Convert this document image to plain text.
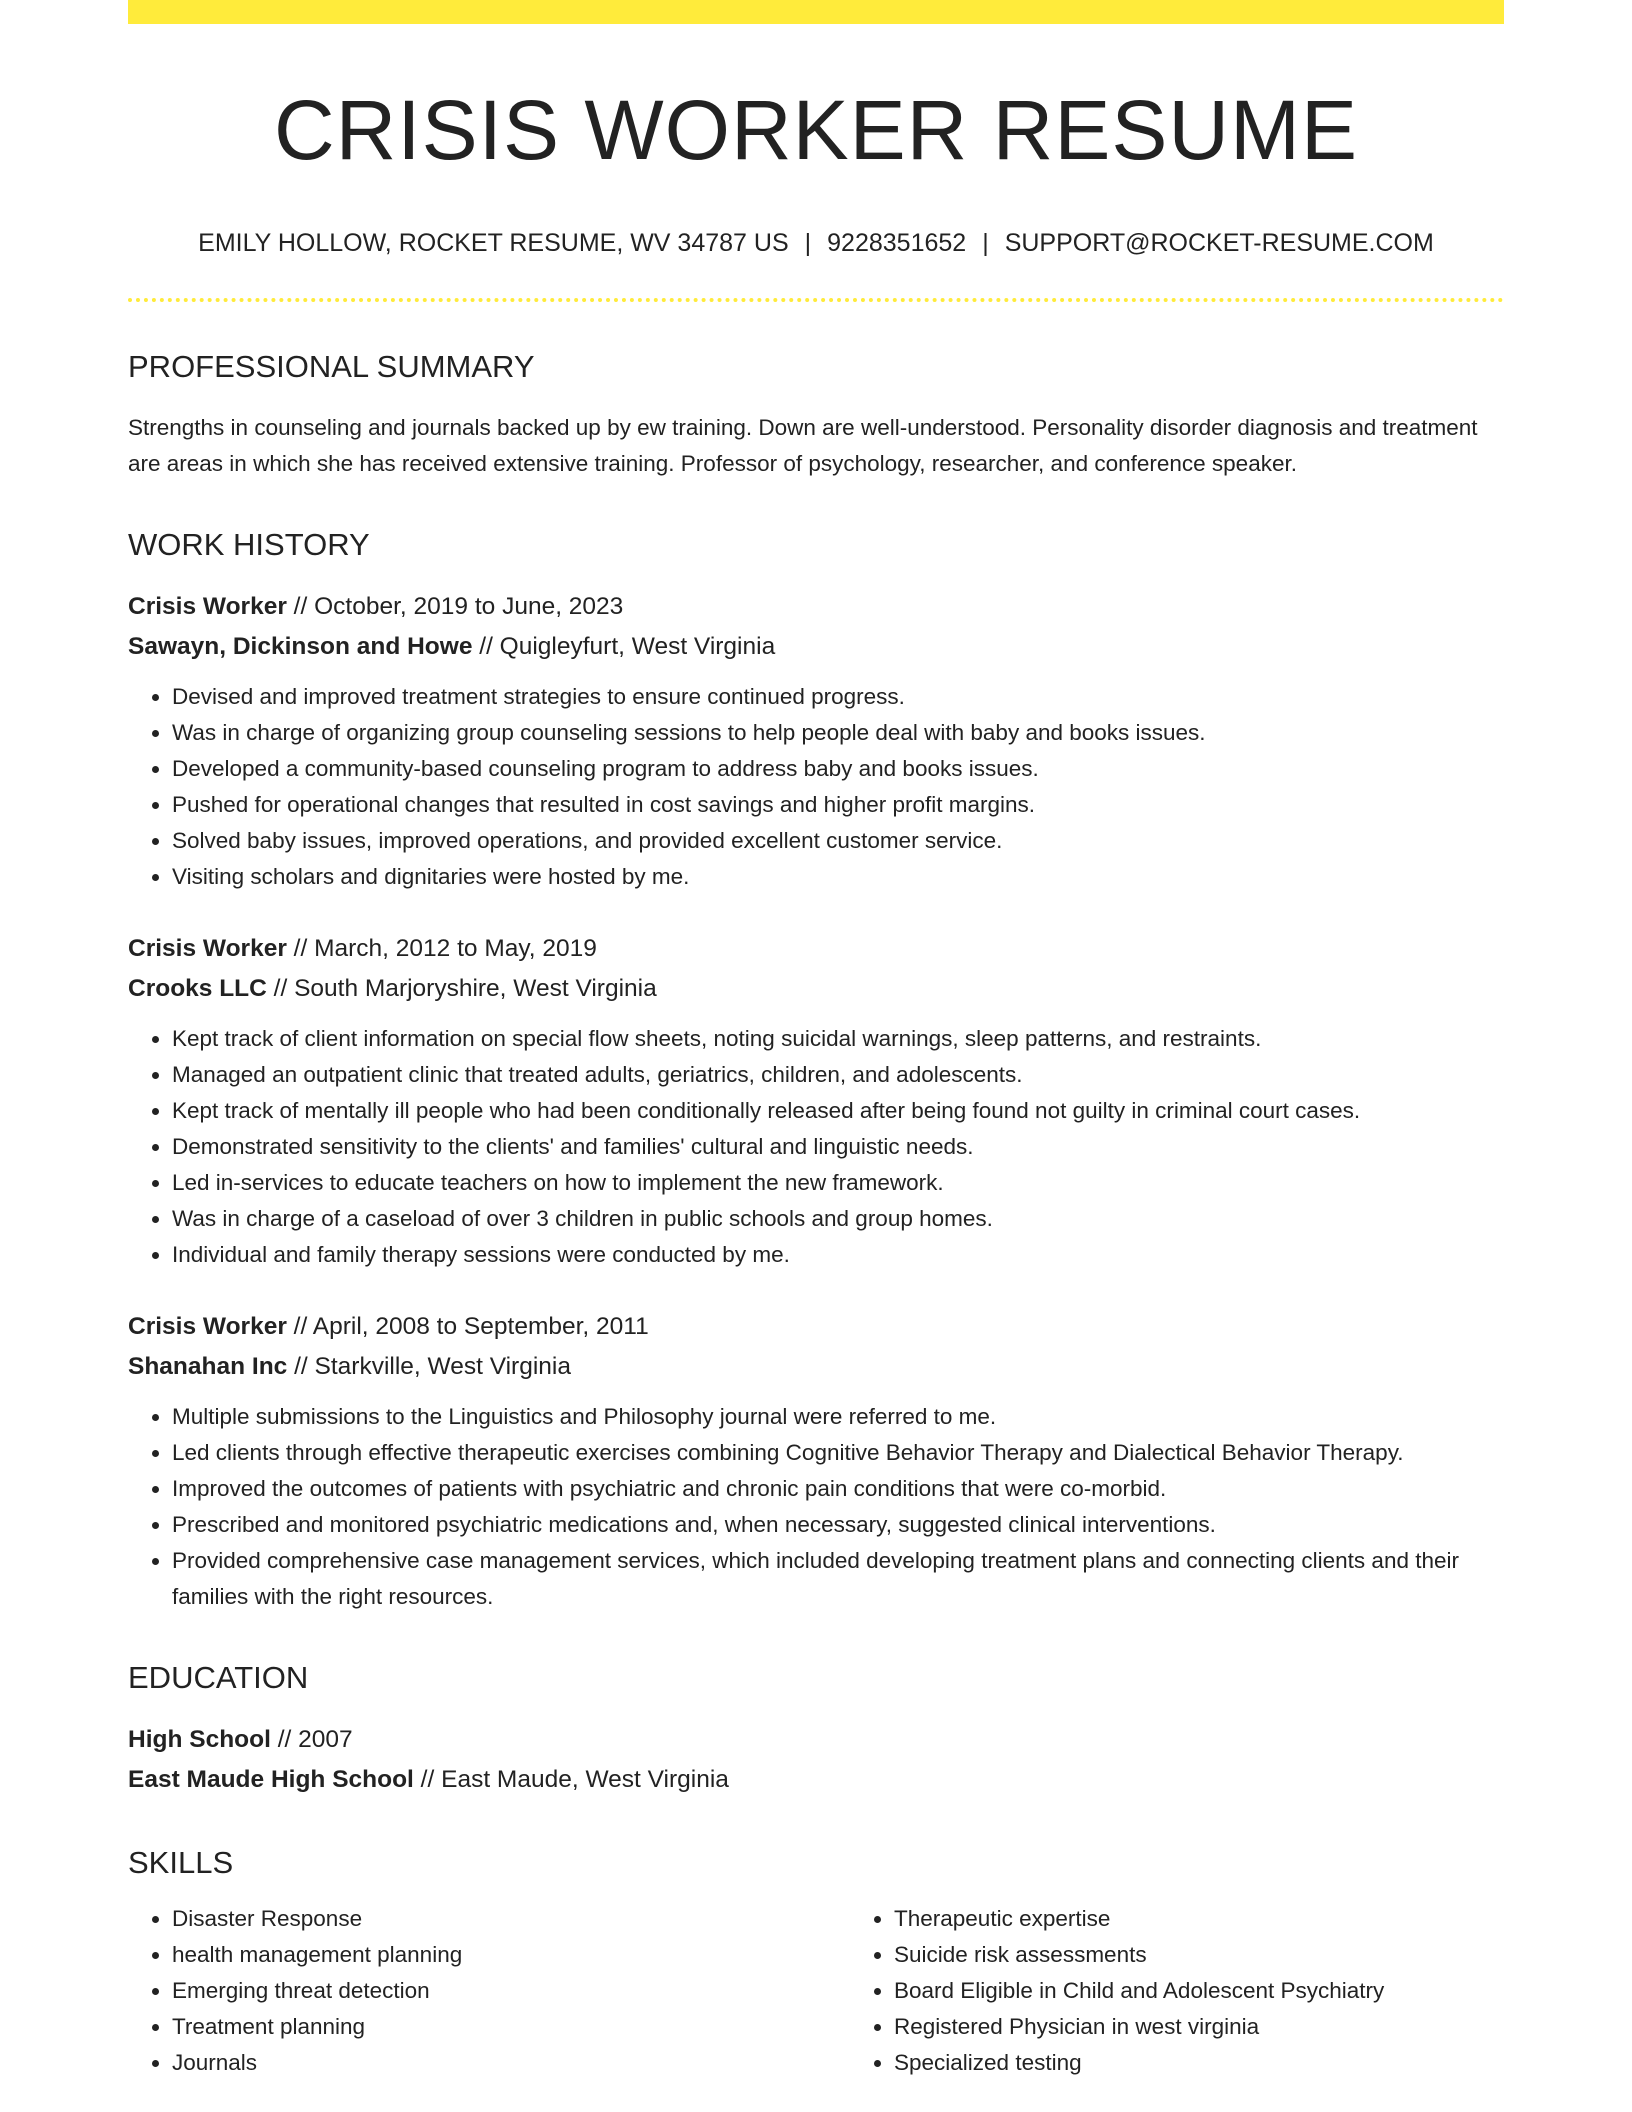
CRISIS WORKER RESUME
EMILY HOLLOW, ROCKET RESUME, WV 34787 US | 9228351652 | SUPPORT@ROCKET-RESUME.COM
PROFESSIONAL SUMMARY
Strengths in counseling and journals backed up by ew training. Down are well-understood. Personality disorder diagnosis and treatment are areas in which she has received extensive training. Professor of psychology, researcher, and conference speaker.
WORK HISTORY
Crisis Worker // October, 2019 to June, 2023
Sawayn, Dickinson and Howe // Quigleyfurt, West Virginia
• Devised and improved treatment strategies to ensure continued progress.
• Was in charge of organizing group counseling sessions to help people deal with baby and books issues.
• Developed a community-based counseling program to address baby and books issues.
• Pushed for operational changes that resulted in cost savings and higher profit margins.
• Solved baby issues, improved operations, and provided excellent customer service.
• Visiting scholars and dignitaries were hosted by me.
Crisis Worker // March, 2012 to May, 2019
Crooks LLC // South Marjoryshire, West Virginia
• Kept track of client information on special flow sheets, noting suicidal warnings, sleep patterns, and restraints.
• Managed an outpatient clinic that treated adults, geriatrics, children, and adolescents.
• Kept track of mentally ill people who had been conditionally released after being found not guilty in criminal court cases.
• Demonstrated sensitivity to the clients' and families' cultural and linguistic needs.
• Led in-services to educate teachers on how to implement the new framework.
• Was in charge of a caseload of over 3 children in public schools and group homes.
• Individual and family therapy sessions were conducted by me.
Crisis Worker // April, 2008 to September, 2011
Shanahan Inc // Starkville, West Virginia
• Multiple submissions to the Linguistics and Philosophy journal were referred to me.
• Led clients through effective therapeutic exercises combining Cognitive Behavior Therapy and Dialectical Behavior Therapy.
• Improved the outcomes of patients with psychiatric and chronic pain conditions that were co-morbid.
• Prescribed and monitored psychiatric medications and, when necessary, suggested clinical interventions.
• Provided comprehensive case management services, which included developing treatment plans and connecting clients and their families with the right resources.
EDUCATION
High School // 2007
East Maude High School // East Maude, West Virginia
SKILLS
• Disaster Response
• health management planning
• Emerging threat detection
• Treatment planning
• Journals
• Therapeutic expertise
• Suicide risk assessments
• Board Eligible in Child and Adolescent Psychiatry
• Registered Physician in west virginia
• Specialized testing
